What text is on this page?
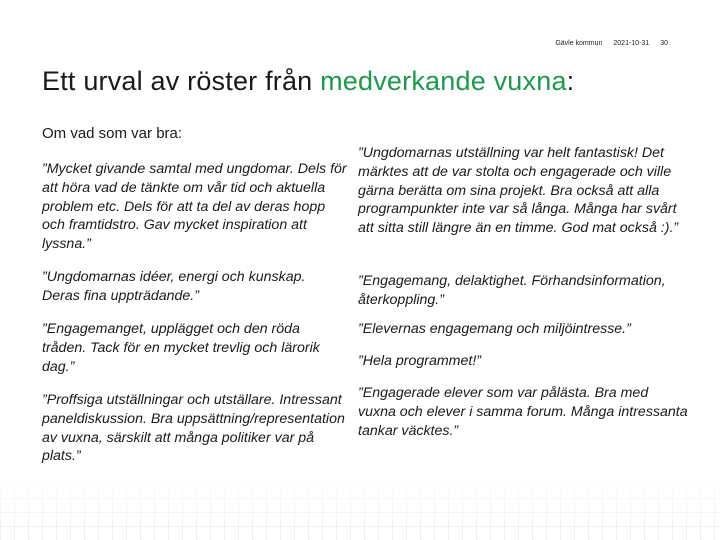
Gävle kommun 2021-10-31 30
Ett urval av röster från medverkande vuxna:
Om vad som var bra:

”Mycket givande samtal med ungdomar. Dels för att höra vad de tänkte om vår tid och aktuella problem etc. Dels för att ta del av deras hopp och framtidstro. Gav mycket inspiration att lyssna.”

”Ungdomarnas idéer, energi och kunskap. Deras fina uppträdande.”

”Engagemanget, upplägget och den röda tråden. Tack för en mycket trevlig och lärorik dag.”

”Proffsiga utställningar och utställare. Intressant paneldiskussion. Bra uppsättning/representation av vuxna, särskilt att många politiker var på plats.”

”Ungdomarnas utställning var helt fantastisk! Det märktes att de var stolta och engagerade och ville gärna berätta om sina projekt. Bra också att alla programpunkter inte var så långa. Många har svårt att sitta still längre än en timme. God mat också :).”

”Engagemang, delaktighet. Förhandsinformation, återkoppling.”

”Elevernas engagemang och miljöintresse.”

”Hela programmet!”

”Engagerade elever som var pålästa. Bra med vuxna och elever i samma forum. Många intressanta tankar väcktes.”
